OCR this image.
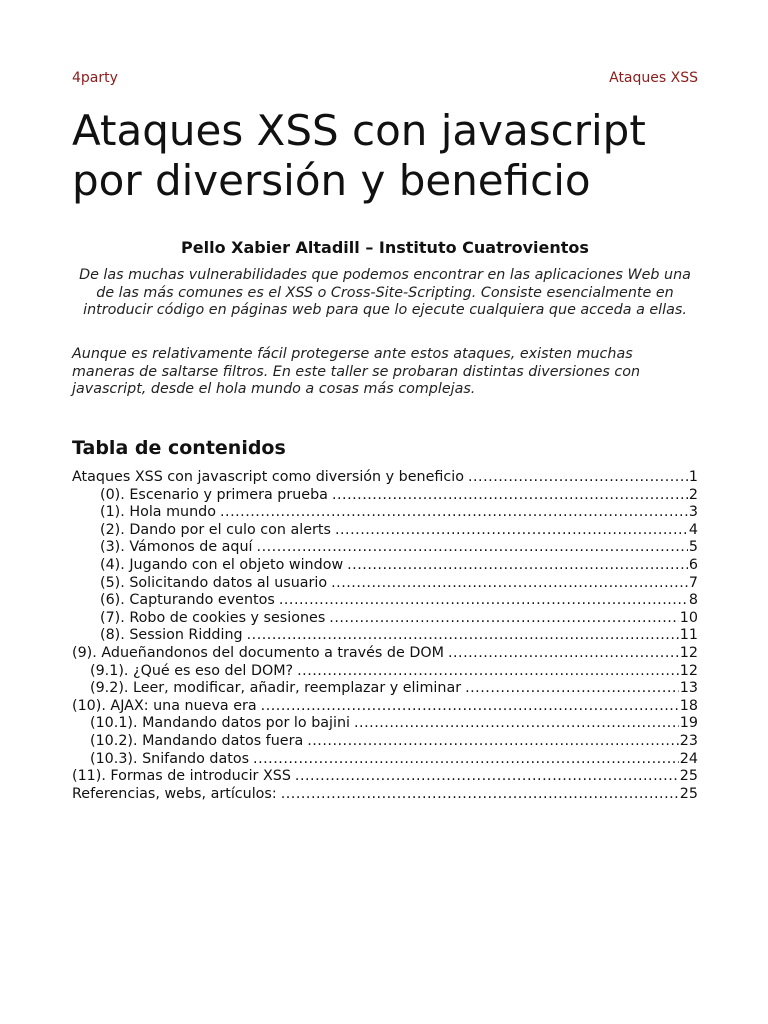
4party	Ataques XSS
Ataques XSS con javascript
por diversión y beneficio
Pello Xabier Altadill – Instituto Cuatrovientos

De las muchas vulnerabilidades que podemos encontrar en las aplicaciones Web una de las más comunes es el XSS o Cross-Site-Scripting. Consiste esencialmente en introducir código en páginas web para que lo ejecute cualquiera que acceda a ellas.

Aunque es relativamente fácil protegerse ante estos ataques, existen muchas maneras de saltarse filtros. En este taller se probaran distintas diversiones con javascript, desde el hola mundo a cosas más complejas.

Tabla de contenidos
Ataques XSS con javascript como diversión y beneficio .....	1
(0). Escenario y primera prueba .....	2
(1). Hola mundo .....	3
(2). Dando por el culo con alerts .....	4
(3). Vámonos de aquí .....	5
(4). Jugando con el objeto window .....	6
(5). Solicitando datos al usuario .....	7
(6). Capturando eventos .....	8
(7). Robo de cookies y sesiones .....	10
(8). Session Ridding .....	11
(9). Adueñandonos del documento a través de DOM .....	12
(9.1). ¿Qué es eso del DOM? .....	12
(9.2). Leer, modificar, añadir, reemplazar y eliminar .....	13
(10). AJAX: una nueva era .....	18
(10.1). Mandando datos por lo bajini .....	19
(10.2). Mandando datos fuera .....	23
(10.3). Snifando datos .....	24
(11). Formas de introducir XSS .....	25
Referencias, webs, artículos: .....	25
